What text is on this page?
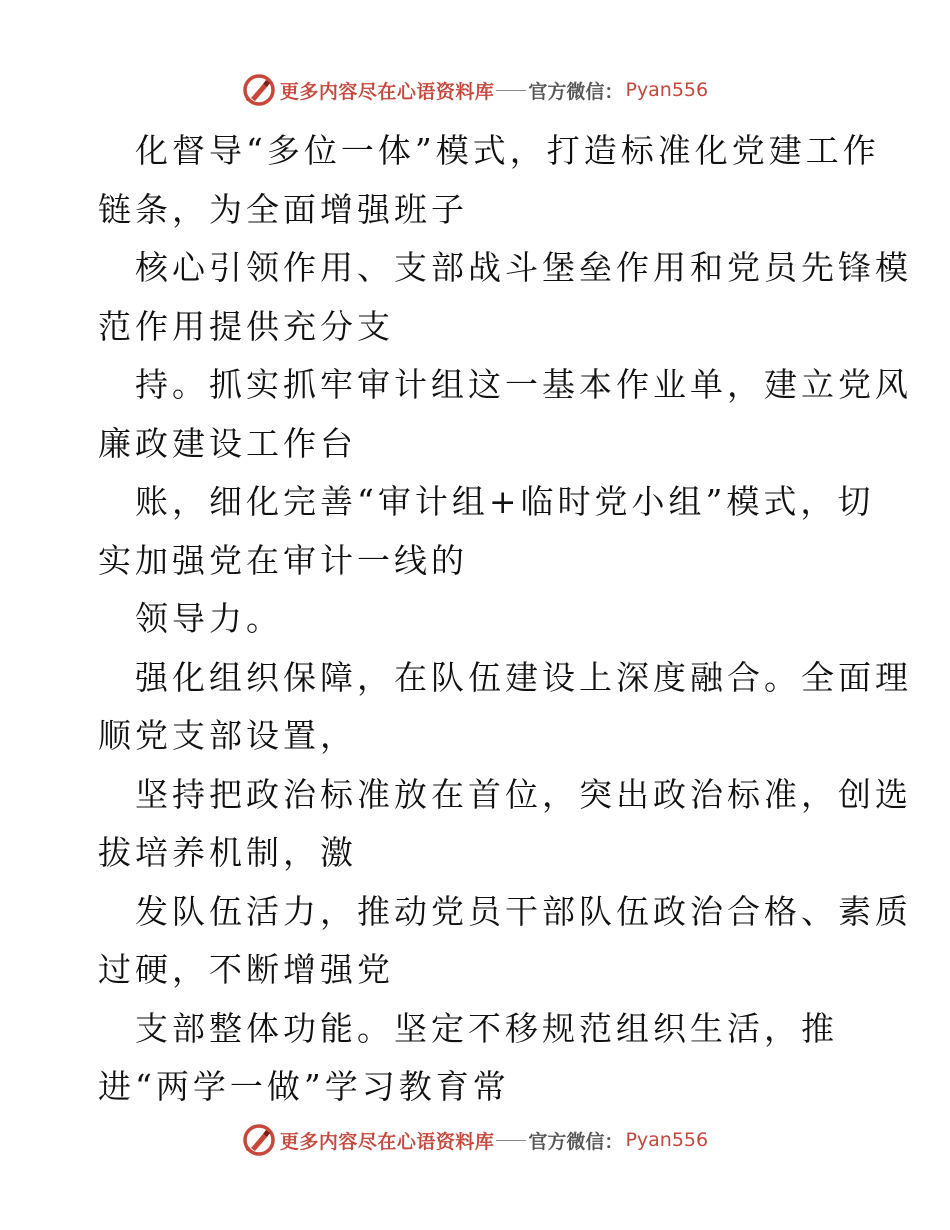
更多内容尽在心语资料库 官方微信： Pyan556
化督导“多位一体”模式，打造标准化党建工作
链条，为全面增强班子
核心引领作用、支部战斗堡垒作用和党员先锋模
范作用提供充分支
持。抓实抓牢审计组这一基本作业单，建立党风
廉政建设工作台
账，细化完善“审计组+临时党小组”模式，切
实加强党在审计一线的
领导力。
强化组织保障，在队伍建设上深度融合。全面理
顺党支部设置，
坚持把政治标准放在首位，突出政治标准，创选
拔培养机制，激
发队伍活力，推动党员干部队伍政治合格、素质
过硬，不断增强党
支部整体功能。坚定不移规范组织生活，推
进“两学一做”学习教育常
更多内容尽在心语资料库 官方微信： Pyan556
